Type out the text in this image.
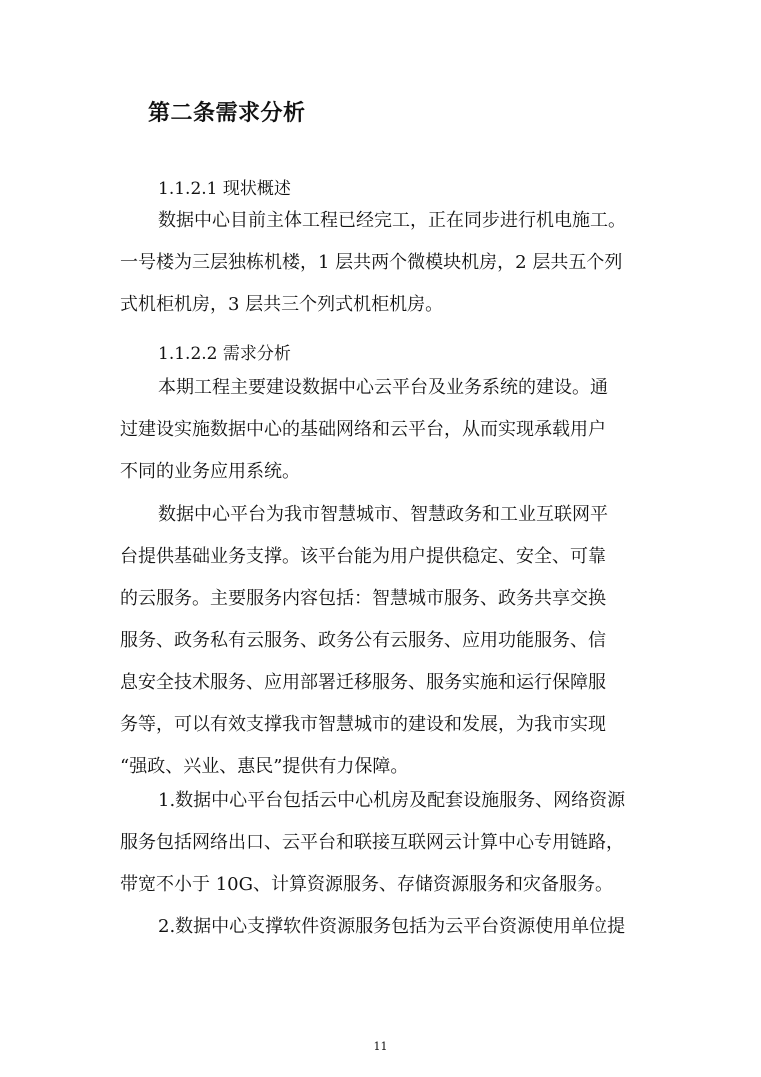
第二条需求分析
1.1.2.1 现状概述
数据中心目前主体工程已经完工，正在同步进行机电施工。
一号楼为三层独栋机楼，1 层共两个微模块机房，2 层共五个列
式机柜机房，3 层共三个列式机柜机房。
1.1.2.2 需求分析
本期工程主要建设数据中心云平台及业务系统的建设。通
过建设实施数据中心的基础网络和云平台，从而实现承载用户
不同的业务应用系统。
数据中心平台为我市智慧城市、智慧政务和工业互联网平
台提供基础业务支撑。该平台能为用户提供稳定、安全、可靠
的云服务。主要服务内容包括：智慧城市服务、政务共享交换
服务、政务私有云服务、政务公有云服务、应用功能服务、信
息安全技术服务、应用部署迁移服务、服务实施和运行保障服
务等，可以有效支撑我市智慧城市的建设和发展，为我市实现
“强政、兴业、惠民”提供有力保障。
1.数据中心平台包括云中心机房及配套设施服务、网络资源
服务包括网络出口、云平台和联接互联网云计算中心专用链路，
带宽不小于 10G、计算资源服务、存储资源服务和灾备服务。
2.数据中心支撑软件资源服务包括为云平台资源使用单位提
11
